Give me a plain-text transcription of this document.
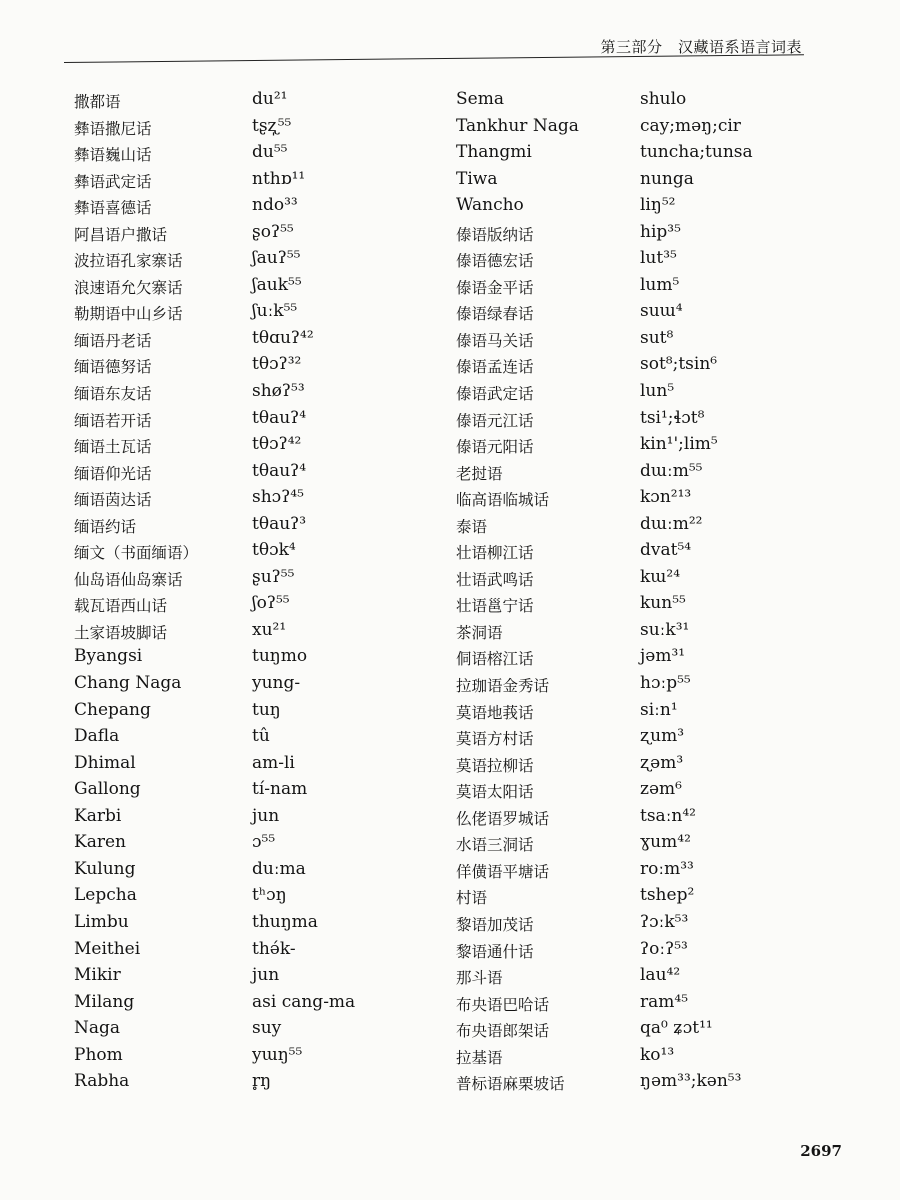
第三部分　汉藏语系语言词表
撒都语	du²¹
彝语撒尼话	tʂʐ̩⁵⁵
彝语巍山话	du⁵⁵
彝语武定话	nthɒ¹¹
彝语喜德话	ndo³³
阿昌语户撒话	ʂoʔ⁵⁵
波拉语孔家寨话	ʃauʔ⁵⁵
浪速语允欠寨话	ʃauk⁵⁵
勒期语中山乡话	ʃuːk⁵⁵
缅语丹老话	tθɑuʔ⁴²
缅语德努话	tθɔʔ³²
缅语东友话	shøʔ⁵³
缅语若开话	tθauʔ⁴
缅语土瓦话	tθɔʔ⁴²
缅语仰光话	tθauʔ⁴
缅语茵达话	shɔʔ⁴⁵
缅语约话	tθauʔ³
缅文（书面缅语）	tθɔk⁴
仙岛语仙岛寨话	ʂuʔ⁵⁵
载瓦语西山话	ʃoʔ⁵⁵
土家语坡脚话	xu²¹
Byangsi	tuŋmo
Chang Naga	yung-
Chepang	tuŋ
Dafla	tû
Dhimal	am-li
Gallong	tí-nam
Karbi	jun
Karen	ɔ⁵⁵
Kulung	duːma
Lepcha	tʰɔŋ
Limbu	thuŋma
Meithei	thə́k-
Mikir	jun
Milang	asi cang-ma
Naga	suy
Phom	yɯŋ⁵⁵
Rabha	r̥ŋ
Sema	shulo
Tankhur Naga	cay;məŋ;cir
Thangmi	tuncha;tunsa
Tiwa	nunga
Wancho	liŋ⁵²
傣语版纳话	hip³⁵
傣语德宏话	lut³⁵
傣语金平话	lum⁵
傣语绿春话	suɯ⁴
傣语马关话	sut⁸
傣语孟连话	sot⁸;tsin⁶
傣语武定话	lun⁵
傣语元江话	tsi¹;ɬɔt⁸
傣语元阳话	kin¹';lim⁵
老挝语	dɯːm⁵⁵
临高语临城话	kɔn²¹³
泰语	dɯːm²²
壮语柳江话	dvat⁵⁴
壮语武鸣话	kɯ²⁴
壮语邕宁话	kun⁵⁵
茶洞语	suːk³¹
侗语榕江话	jəm³¹
拉珈语金秀话	hɔːp⁵⁵
莫语地莪话	siːn¹
莫语方村话	ʐum³
莫语拉柳话	ʐəm³
莫语太阳话	zəm⁶
仫佬语罗城话	tsaːn⁴²
水语三洞话	ɣum⁴²
佯僙语平塘话	roːm³³
村语	tshep²
黎语加茂话	ʔɔːk⁵³
黎语通什话	ʔoːʔ⁵³
那斗语	lau⁴²
布央语巴哈话	ram⁴⁵
布央语郎架话	qa⁰ ʑɔt¹¹
拉基语	ko¹³
普标语麻栗坡话	ŋəm³³;kən⁵³
2697
